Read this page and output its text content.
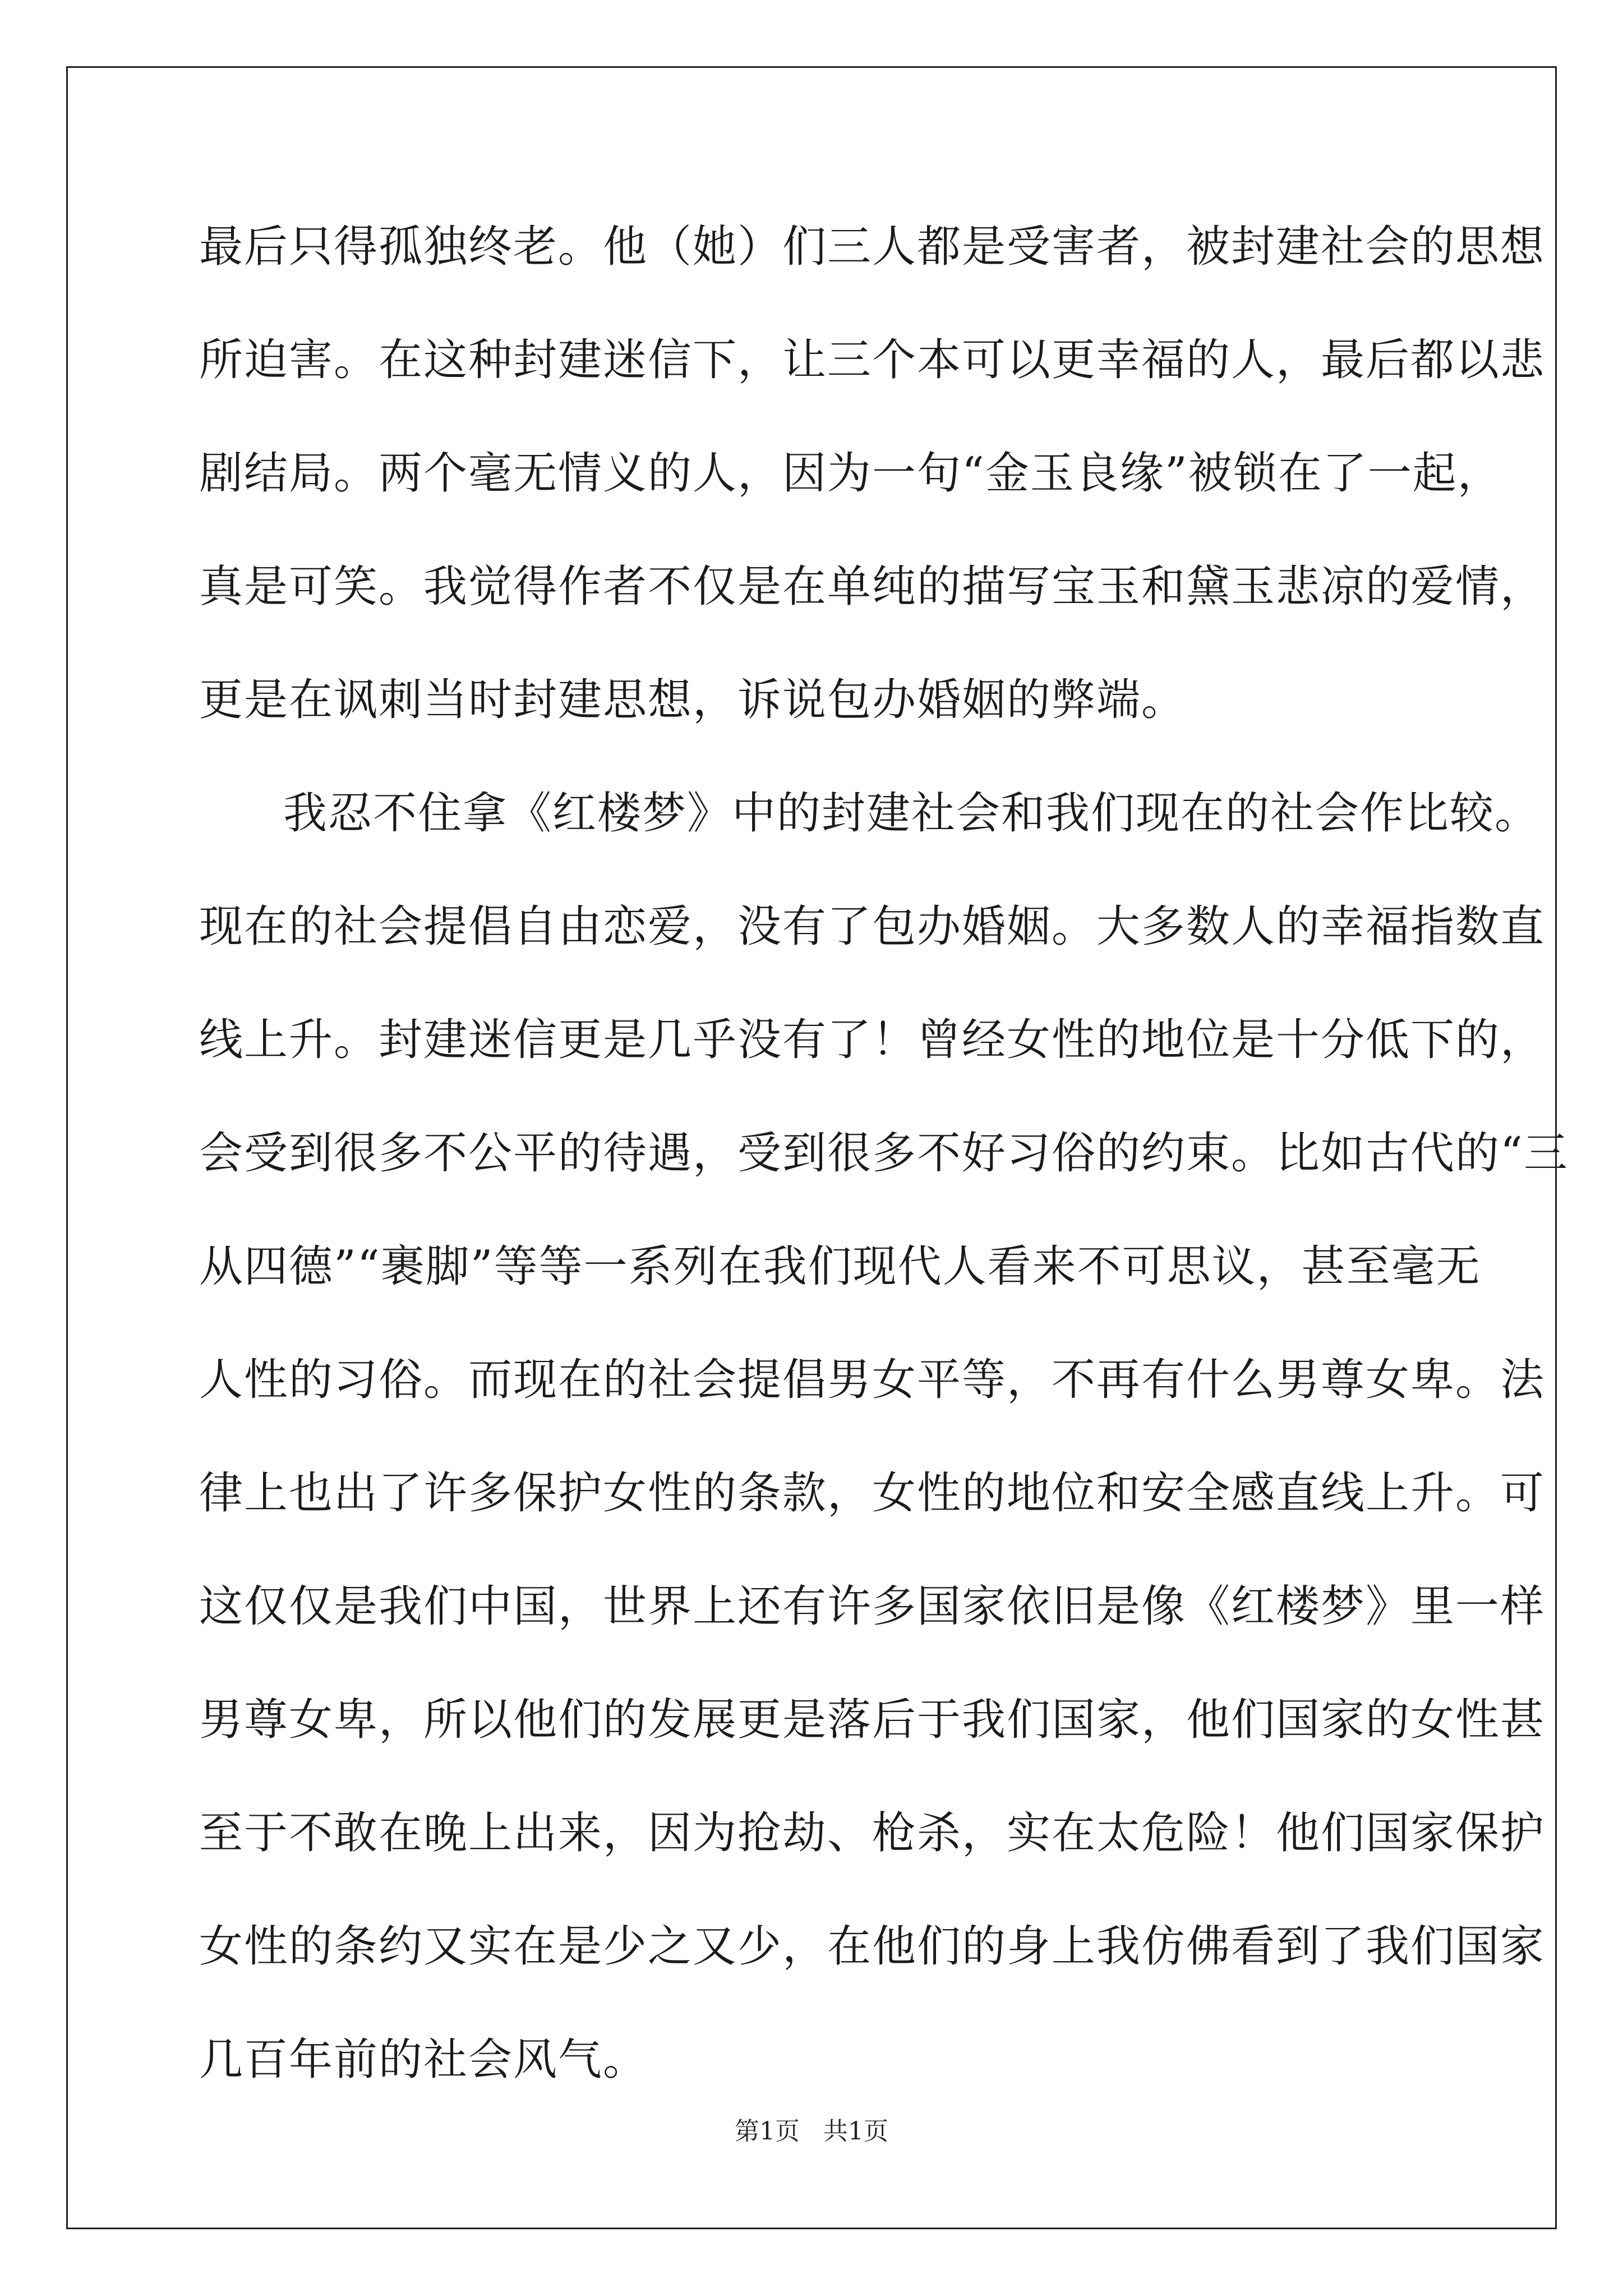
最后只得孤独终老。他（她）们三人都是受害者，被封建社会的思想
所迫害。在这种封建迷信下，让三个本可以更幸福的人，最后都以悲
剧结局。两个毫无情义的人，因为一句“金玉良缘”被锁在了一起，
真是可笑。我觉得作者不仅是在单纯的描写宝玉和黛玉悲凉的爱情，
更是在讽刺当时封建思想，诉说包办婚姻的弊端。
我忍不住拿《红楼梦》中的封建社会和我们现在的社会作比较。
现在的社会提倡自由恋爱，没有了包办婚姻。大多数人的幸福指数直
线上升。封建迷信更是几乎没有了！曾经女性的地位是十分低下的，
会受到很多不公平的待遇，受到很多不好习俗的约束。比如古代的“三
从四德”“裹脚”等等一系列在我们现代人看来不可思议，甚至毫无
人性的习俗。而现在的社会提倡男女平等，不再有什么男尊女卑。法
律上也出了许多保护女性的条款，女性的地位和安全感直线上升。可
这仅仅是我们中国，世界上还有许多国家依旧是像《红楼梦》里一样
男尊女卑，所以他们的发展更是落后于我们国家，他们国家的女性甚
至于不敢在晚上出来，因为抢劫、枪杀，实在太危险！他们国家保护
女性的条约又实在是少之又少，在他们的身上我仿佛看到了我们国家
几百年前的社会风气。
第1页   共1页
